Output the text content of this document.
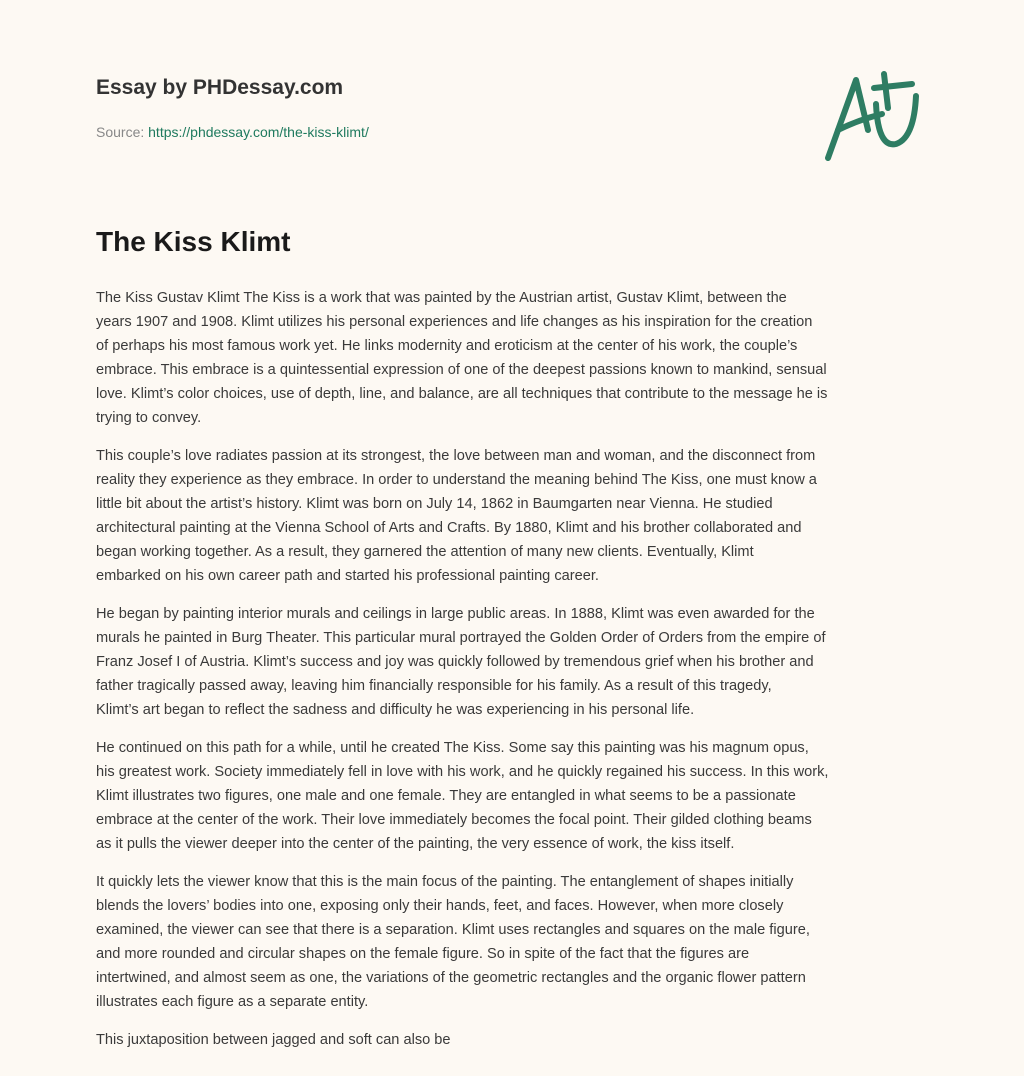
Essay by PHDessay.com
Source: https://phdessay.com/the-kiss-klimt/
The Kiss Klimt

The Kiss Gustav Klimt The Kiss is a work that was painted by the Austrian artist, Gustav Klimt, between the
years 1907 and 1908. Klimt utilizes his personal experiences and life changes as his inspiration for the creation
of perhaps his most famous work yet. He links modernity and eroticism at the center of his work, the couple’s
embrace. This embrace is a quintessential expression of one of the deepest passions known to mankind, sensual
love. Klimt’s color choices, use of depth, line, and balance, are all techniques that contribute to the message he is
trying to convey.

This couple’s love radiates passion at its strongest, the love between man and woman, and the disconnect from
reality they experience as they embrace. In order to understand the meaning behind The Kiss, one must know a
little bit about the artist’s history. Klimt was born on July 14, 1862 in Baumgarten near Vienna. He studied
architectural painting at the Vienna School of Arts and Crafts. By 1880, Klimt and his brother collaborated and
began working together. As a result, they garnered the attention of many new clients. Eventually, Klimt
embarked on his own career path and started his professional painting career.

He began by painting interior murals and ceilings in large public areas. In 1888, Klimt was even awarded for the
murals he painted in Burg Theater. This particular mural portrayed the Golden Order of Orders from the empire of
Franz Josef I of Austria. Klimt’s success and joy was quickly followed by tremendous grief when his brother and
father tragically passed away, leaving him financially responsible for his family. As a result of this tragedy,
Klimt’s art began to reflect the sadness and difficulty he was experiencing in his personal life.

He continued on this path for a while, until he created The Kiss. Some say this painting was his magnum opus,
his greatest work. Society immediately fell in love with his work, and he quickly regained his success. In this work,
Klimt illustrates two figures, one male and one female. They are entangled in what seems to be a passionate
embrace at the center of the work. Their love immediately becomes the focal point. Their gilded clothing beams
as it pulls the viewer deeper into the center of the painting, the very essence of work, the kiss itself.

It quickly lets the viewer know that this is the main focus of the painting. The entanglement of shapes initially
blends the lovers’ bodies into one, exposing only their hands, feet, and faces. However, when more closely
examined, the viewer can see that there is a separation. Klimt uses rectangles and squares on the male figure,
and more rounded and circular shapes on the female figure. So in spite of the fact that the figures are
intertwined, and almost seem as one, the variations of the geometric rectangles and the organic flower pattern
illustrates each figure as a separate entity.

This juxtaposition between jagged and soft can also be
